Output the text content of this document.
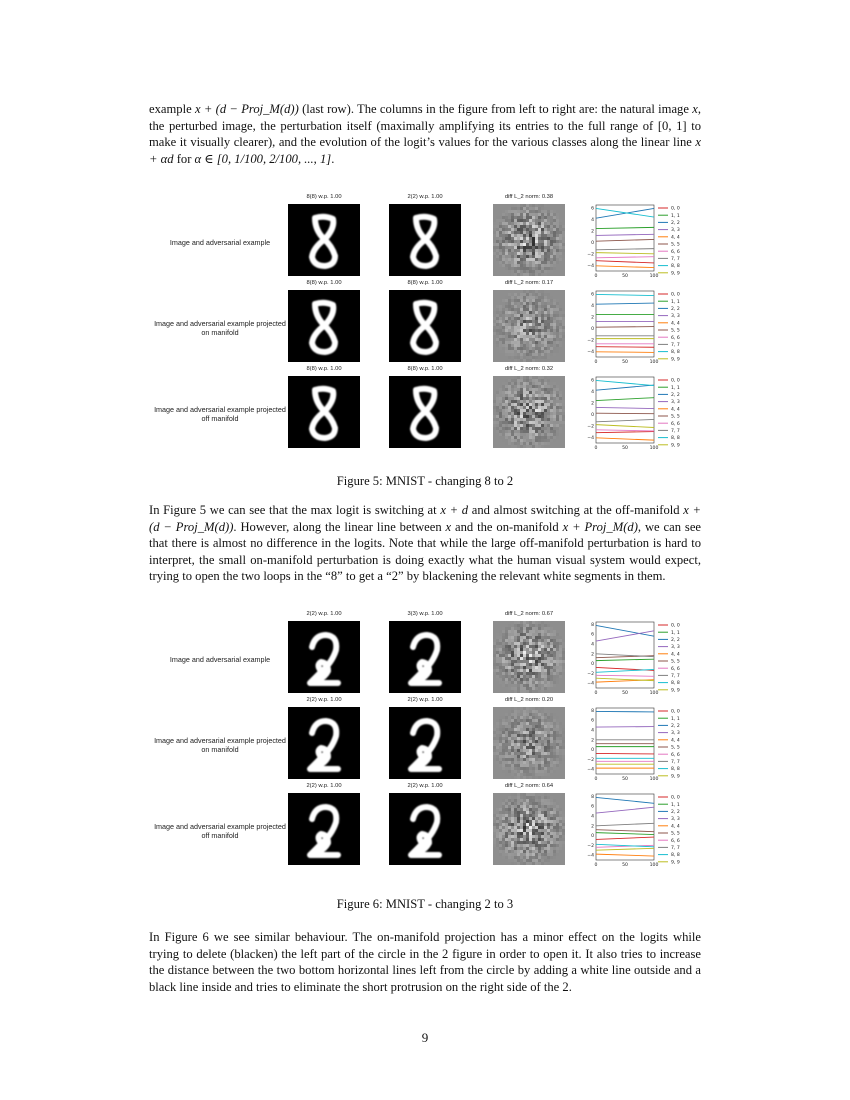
example x + (d − Proj_M(d)) (last row). The columns in the figure from left to right are: the natural image x, the perturbed image, the perturbation itself (maximally amplifying its entries to the full range of [0, 1] to make it visually clearer), and the evolution of the logit’s values for the various classes along the linear line x + αd for α ∈ [0, 1/100, 2/100, ..., 1].

Image and adversarial example
8(8) w.p. 1.00	2(2) w.p. 1.00	diff L_2 norm: 0.38
−4
−2
0
2
4
6
0	50	100
0, 0
1, 1
2, 2
3, 3
4, 4
5, 5
6, 6
7, 7
8, 8
9, 9
Image and adversarial example projected on manifold
8(8) w.p. 1.00	8(8) w.p. 1.00	diff L_2 norm: 0.17
−4
−2
0
2
4
6
0	50	100
0, 0
1, 1
2, 2
3, 3
4, 4
5, 5
6, 6
7, 7
8, 8
9, 9
Image and adversarial example projected off manifold
8(8) w.p. 1.00	8(8) w.p. 1.00	diff L_2 norm: 0.32
−4
−2
0
2
4
6
0	50	100
0, 0
1, 1
2, 2
3, 3
4, 4
5, 5
6, 6
7, 7
8, 8
9, 9
Figure 5: MNIST - changing 8 to 2

In Figure 5 we can see that the max logit is switching at x + d and almost switching at the off-manifold x + (d − Proj_M(d)). However, along the linear line between x and the on-manifold x + Proj_M(d), we can see that there is almost no difference in the logits. Note that while the large off-manifold perturbation is hard to interpret, the small on-manifold perturbation is doing exactly what the human visual system would expect, trying to open the two loops in the “8” to get a “2” by blackening the relevant white segments in them.

Image and adversarial example
2(2) w.p. 1.00	3(3) w.p. 1.00	diff L_2 norm: 0.67
−4
−2
0
2
4
6
8
0	50	100
0, 0
1, 1
2, 2
3, 3
4, 4
5, 5
6, 6
7, 7
8, 8
9, 9
Image and adversarial example projected on manifold
2(2) w.p. 1.00	2(2) w.p. 1.00	diff L_2 norm: 0.20
−4
−2
0
2
4
6
8
0	50	100
0, 0
1, 1
2, 2
3, 3
4, 4
5, 5
6, 6
7, 7
8, 8
9, 9
Image and adversarial example projected off manifold
2(2) w.p. 1.00	2(2) w.p. 1.00	diff L_2 norm: 0.64
−4
−2
0
2
4
6
8
0	50	100
0, 0
1, 1
2, 2
3, 3
4, 4
5, 5
6, 6
7, 7
8, 8
9, 9
Figure 6: MNIST - changing 2 to 3

In Figure 6 we see similar behaviour. The on-manifold projection has a minor effect on the logits while trying to delete (blacken) the left part of the circle in the 2 figure in order to open it. It also tries to increase the distance between the two bottom horizontal lines left from the circle by adding a white line outside and a black line inside and tries to eliminate the short protrusion on the right side of the 2.

9
